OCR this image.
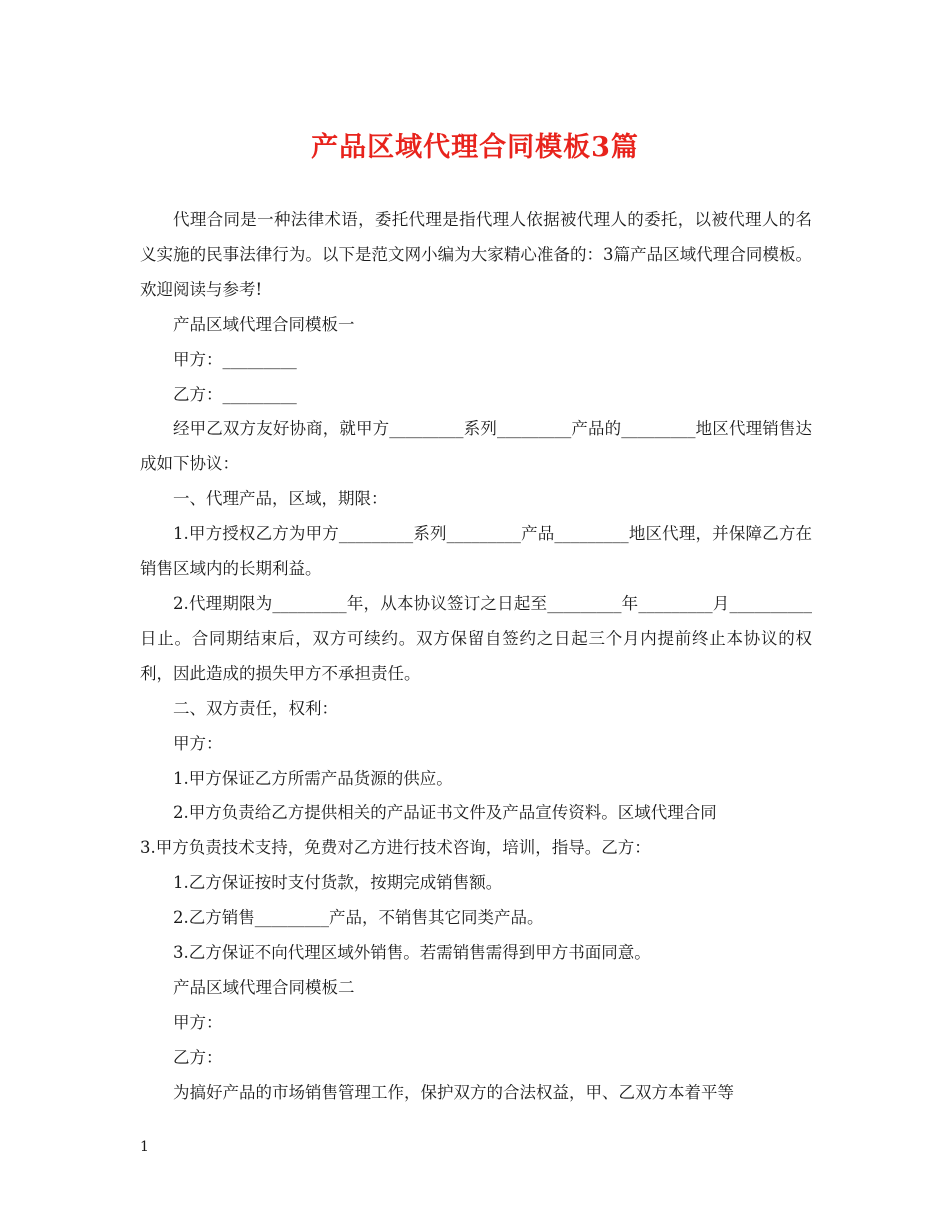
产品区域代理合同模板3篇

代理合同是一种法律术语，委托代理是指代理人依据被代理人的委托，以被代理人的名义实施的民事法律行为。以下是范文网小编为大家精心准备的：3篇产品区域代理合同模板。欢迎阅读与参考!

产品区域代理合同模板一

甲方：_________

乙方：_________

经甲乙双方友好协商，就甲方_________系列_________产品的_________地区代理销售达成如下协议：

一、代理产品，区域，期限：

1.甲方授权乙方为甲方_________系列_________产品_________地区代理，并保障乙方在销售区域内的长期利益。

2.代理期限为_________年，从本协议签订之日起至_________年_________月__________日止。合同期结束后，双方可续约。双方保留自签约之日起三个月内提前终止本协议的权利，因此造成的损失甲方不承担责任。

二、双方责任，权利：

甲方：

1.甲方保证乙方所需产品货源的供应。

2.甲方负责给乙方提供相关的产品证书文件及产品宣传资料。区域代理合同

3.甲方负责技术支持，免费对乙方进行技术咨询，培训，指导。乙方：

1.乙方保证按时支付货款，按期完成销售额。

2.乙方销售_________产品，不销售其它同类产品。

3.乙方保证不向代理区域外销售。若需销售需得到甲方书面同意。

产品区域代理合同模板二

甲方：

乙方：

为搞好产品的市场销售管理工作，保护双方的合法权益，甲、乙双方本着平等

1
